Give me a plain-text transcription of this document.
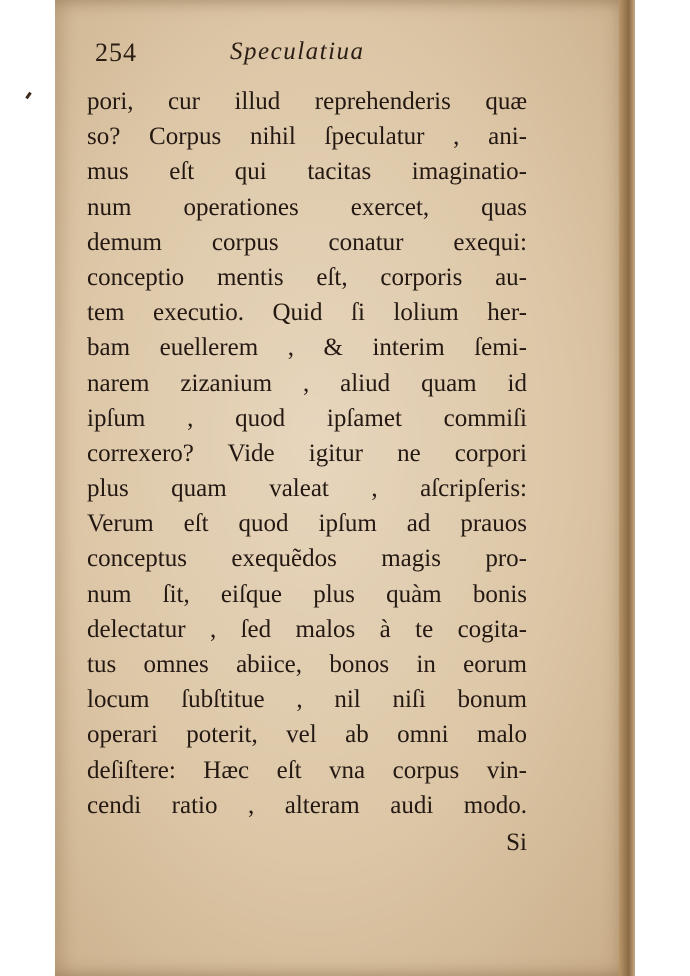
254	Speculatiua
pori, cur illud reprehenderis quæ
so? Corpus nihil ſpeculatur , ani-
mus eſt qui tacitas imaginatio-
num operationes exercet, quas
demum corpus conatur exequi:
conceptio mentis eſt, corporis au-
tem executio. Quid ſi lolium her-
bam euellerem , & interim ſemi-
narem zizanium , aliud quam id
ipſum , quod ipſamet commiſi
correxero? Vide igitur ne corpori
plus quam valeat , aſcripſeris:
Verum eſt quod ipſum ad prauos
conceptus exequẽdos magis pro-
num ſit, eiſque plus quàm bonis
delectatur , ſed malos à te cogita-
tus omnes abiice, bonos in eorum
locum ſubſtitue , nil niſi bonum
operari poterit, vel ab omni malo
deſiſtere: Hæc eſt vna corpus vin-
cendi ratio , alteram audi modo.
Si
